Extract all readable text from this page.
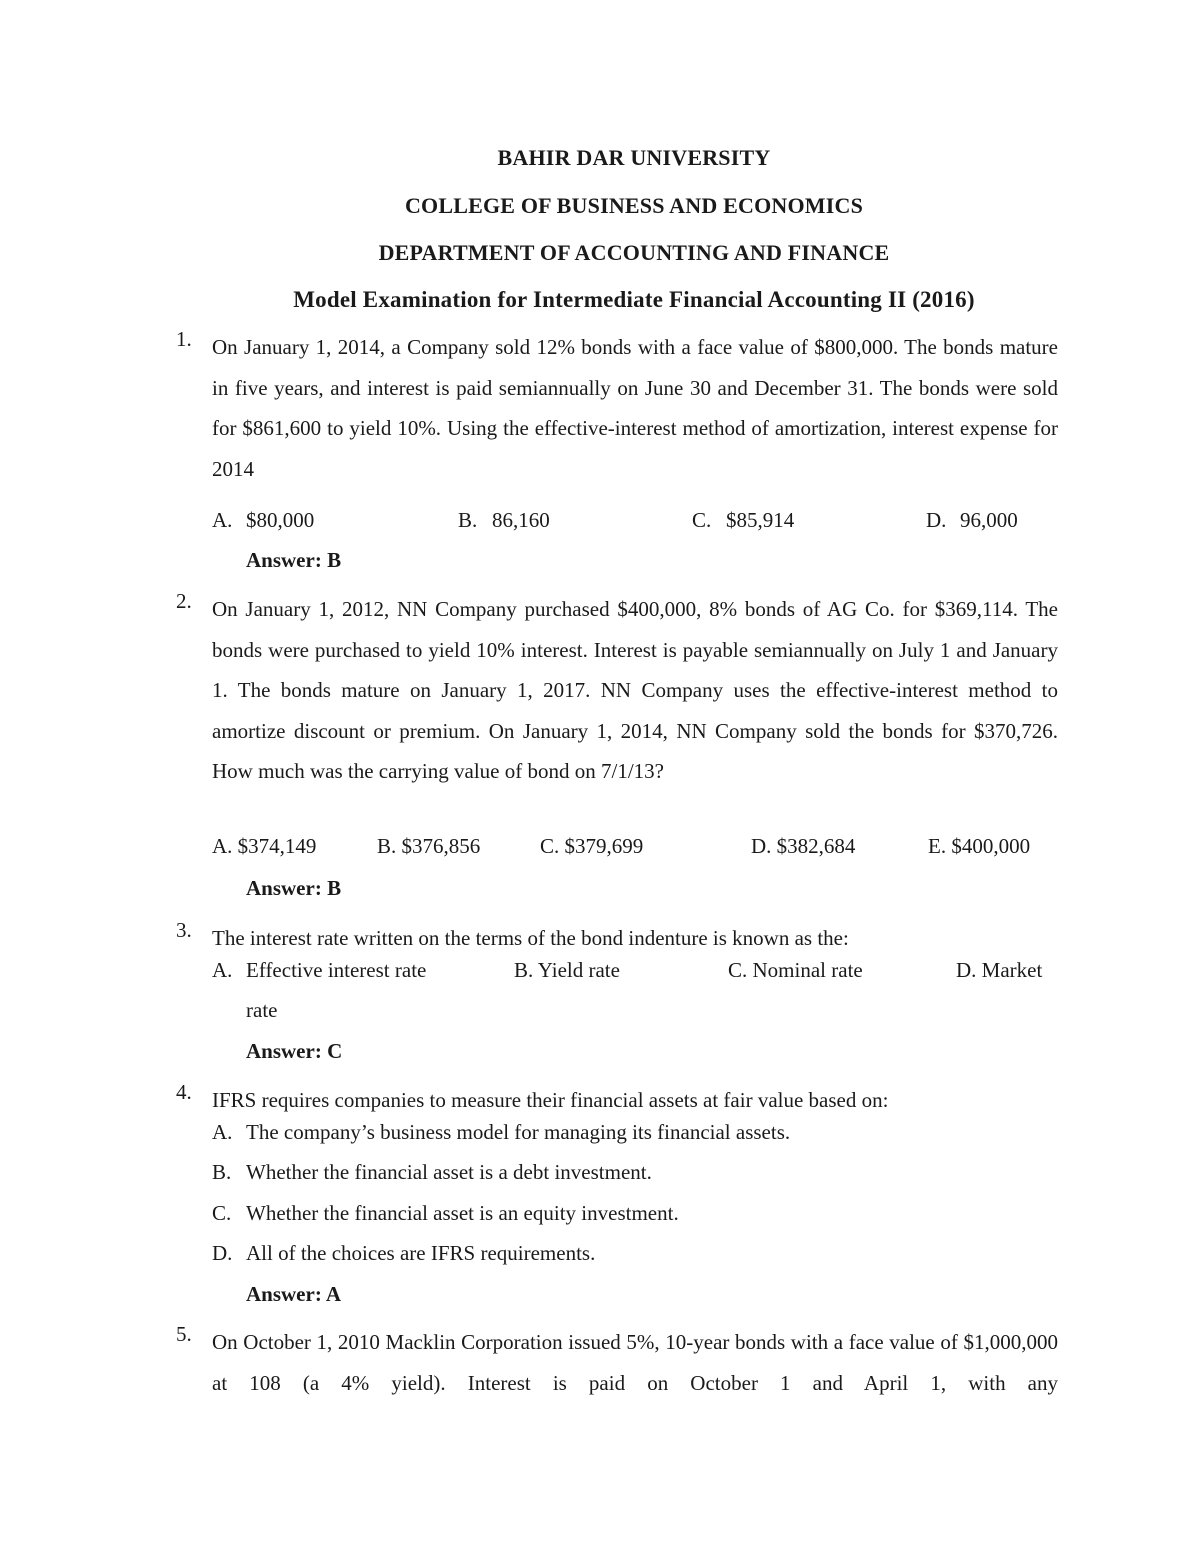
BAHIR DAR UNIVERSITY
COLLEGE OF BUSINESS AND ECONOMICS
DEPARTMENT OF ACCOUNTING AND FINANCE
Model Examination for Intermediate Financial Accounting II (2016)
1. On January 1, 2014, a Company sold 12% bonds with a face value of $800,000. The bonds mature in five years, and interest is paid semiannually on June 30 and December 31. The bonds were sold for $861,600 to yield 10%. Using the effective-interest method of amortization, interest expense for 2014
A. $80,000	B. 86,160	C. $85,914	D. 96,000
Answer: B
2. On January 1, 2012, NN Company purchased $400,000, 8% bonds of AG Co. for $369,114. The bonds were purchased to yield 10% interest. Interest is payable semiannually on July 1 and January 1. The bonds mature on January 1, 2017. NN Company uses the effective-interest method to amortize discount or premium. On January 1, 2014, NN Company sold the bonds for $370,726. How much was the carrying value of bond on 7/1/13?
A. $374,149	B. $376,856	C. $379,699	D. $382,684	E. $400,000
Answer: B
3. The interest rate written on the terms of the bond indenture is known as the:
A. Effective interest rate	B. Yield rate	C. Nominal rate	D. Market
rate
Answer: C
4. IFRS requires companies to measure their financial assets at fair value based on:
A. The company’s business model for managing its financial assets.
B. Whether the financial asset is a debt investment.
C. Whether the financial asset is an equity investment.
D. All of the choices are IFRS requirements.
Answer: A
5. On October 1, 2010 Macklin Corporation issued 5%, 10-year bonds with a face value of $1,000,000 at 108 (a 4% yield). Interest is paid on October 1 and April 1, with any
